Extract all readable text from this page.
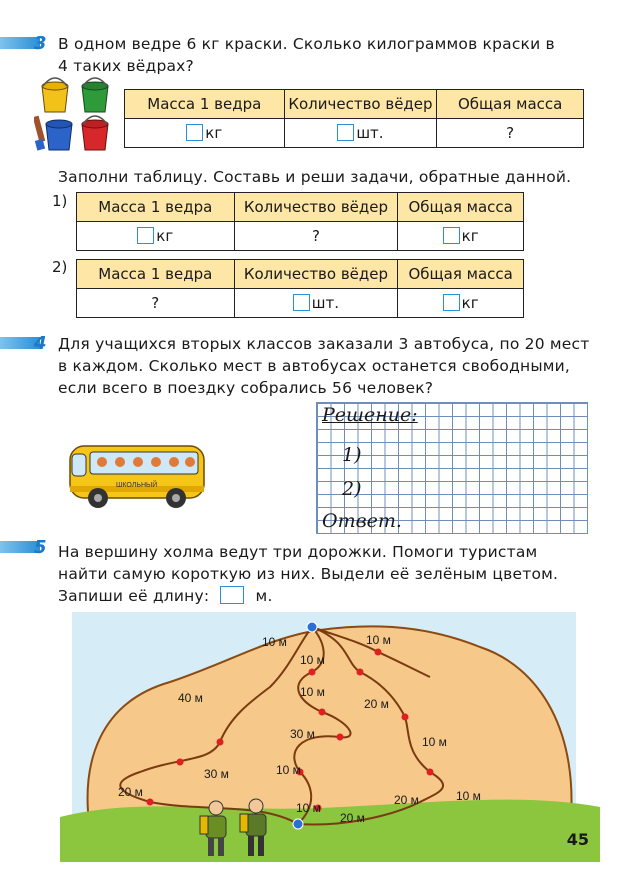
3 В одном ведре 6 кг краски. Сколько килограммов краски в
4 таких вёдрах?
Масса 1 ведра	Количество вёдер	Общая масса
кг	шт.	?
Заполни таблицу. Составь и реши задачи, обратные данной.
1) Масса 1 ведра	Количество вёдер	Общая масса
кг	?	кг
2) Масса 1 ведра	Количество вёдер	Общая масса
?	шт.	кг
4 Для учащихся вторых классов заказали 3 автобуса, по 20 мест
в каждом. Сколько мест в автобусах останется свободными,
если всего в поездку собрались 56 человек?
ШКОЛЬНЫЙ
Решение:
1)
2)
Ответ.
5 На вершину холма ведут три дорожки. Помоги туристам
найти самую короткую из них. Выдели её зелёным цветом.
Запиши её длину:	м.
10 м	10 м
10 м
40 м	10 м
20 м
30 м
10 м
30 м	10 м
20 м
10 м
20 м	10 м
20 м
45
